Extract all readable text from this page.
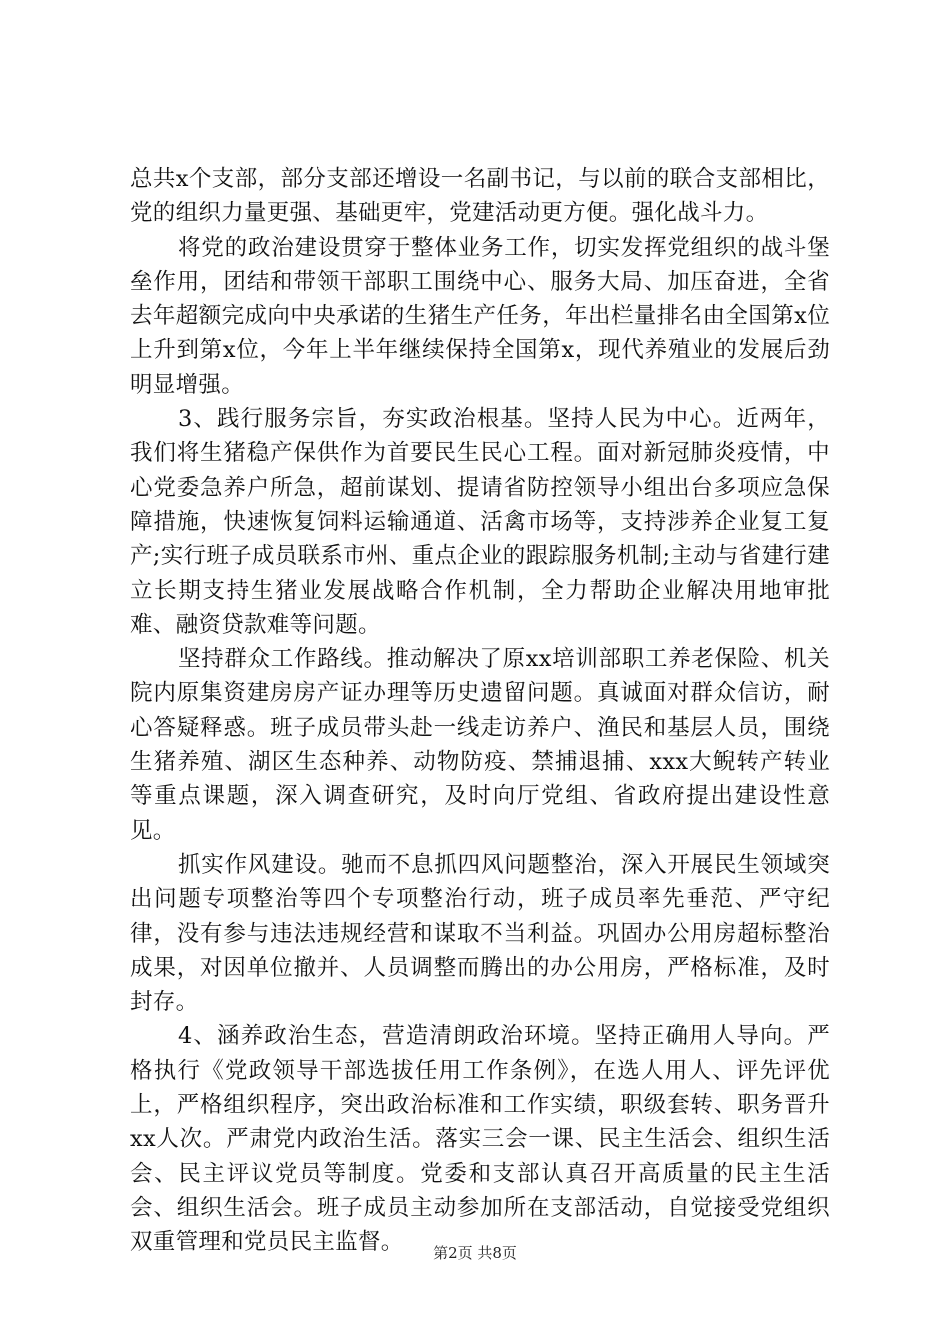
总共x个支部，部分支部还增设一名副书记，与以前的联合支部相比，党的组织力量更强、基础更牢，党建活动更方便。强化战斗力。

将党的政治建设贯穿于整体业务工作，切实发挥党组织的战斗堡垒作用，团结和带领干部职工围绕中心、服务大局、加压奋进，全省去年超额完成向中央承诺的生猪生产任务，年出栏量排名由全国第x位上升到第x位，今年上半年继续保持全国第x，现代养殖业的发展后劲明显增强。

3、践行服务宗旨，夯实政治根基。坚持人民为中心。近两年，我们将生猪稳产保供作为首要民生民心工程。面对新冠肺炎疫情，中心党委急养户所急，超前谋划、提请省防控领导小组出台多项应急保障措施，快速恢复饲料运输通道、活禽市场等，支持涉养企业复工复产;实行班子成员联系市州、重点企业的跟踪服务机制;主动与省建行建立长期支持生猪业发展战略合作机制，全力帮助企业解决用地审批难、融资贷款难等问题。

坚持群众工作路线。推动解决了原xx培训部职工养老保险、机关院内原集资建房房产证办理等历史遗留问题。真诚面对群众信访，耐心答疑释惑。班子成员带头赴一线走访养户、渔民和基层人员，围绕生猪养殖、湖区生态种养、动物防疫、禁捕退捕、xxx大鲵转产转业等重点课题，深入调查研究，及时向厅党组、省政府提出建设性意见。

抓实作风建设。驰而不息抓四风问题整治，深入开展民生领域突出问题专项整治等四个专项整治行动，班子成员率先垂范、严守纪律，没有参与违法违规经营和谋取不当利益。巩固办公用房超标整治成果，对因单位撤并、人员调整而腾出的办公用房，严格标准，及时封存。

4、涵养政治生态，营造清朗政治环境。坚持正确用人导向。严格执行《党政领导干部选拔任用工作条例》，在选人用人、评先评优上，严格组织程序，突出政治标准和工作实绩，职级套转、职务晋升xx人次。严肃党内政治生活。落实三会一课、民主生活会、组织生活会、民主评议党员等制度。党委和支部认真召开高质量的民主生活会、组织生活会。班子成员主动参加所在支部活动，自觉接受党组织双重管理和党员民主监督。	第2页 共8页
